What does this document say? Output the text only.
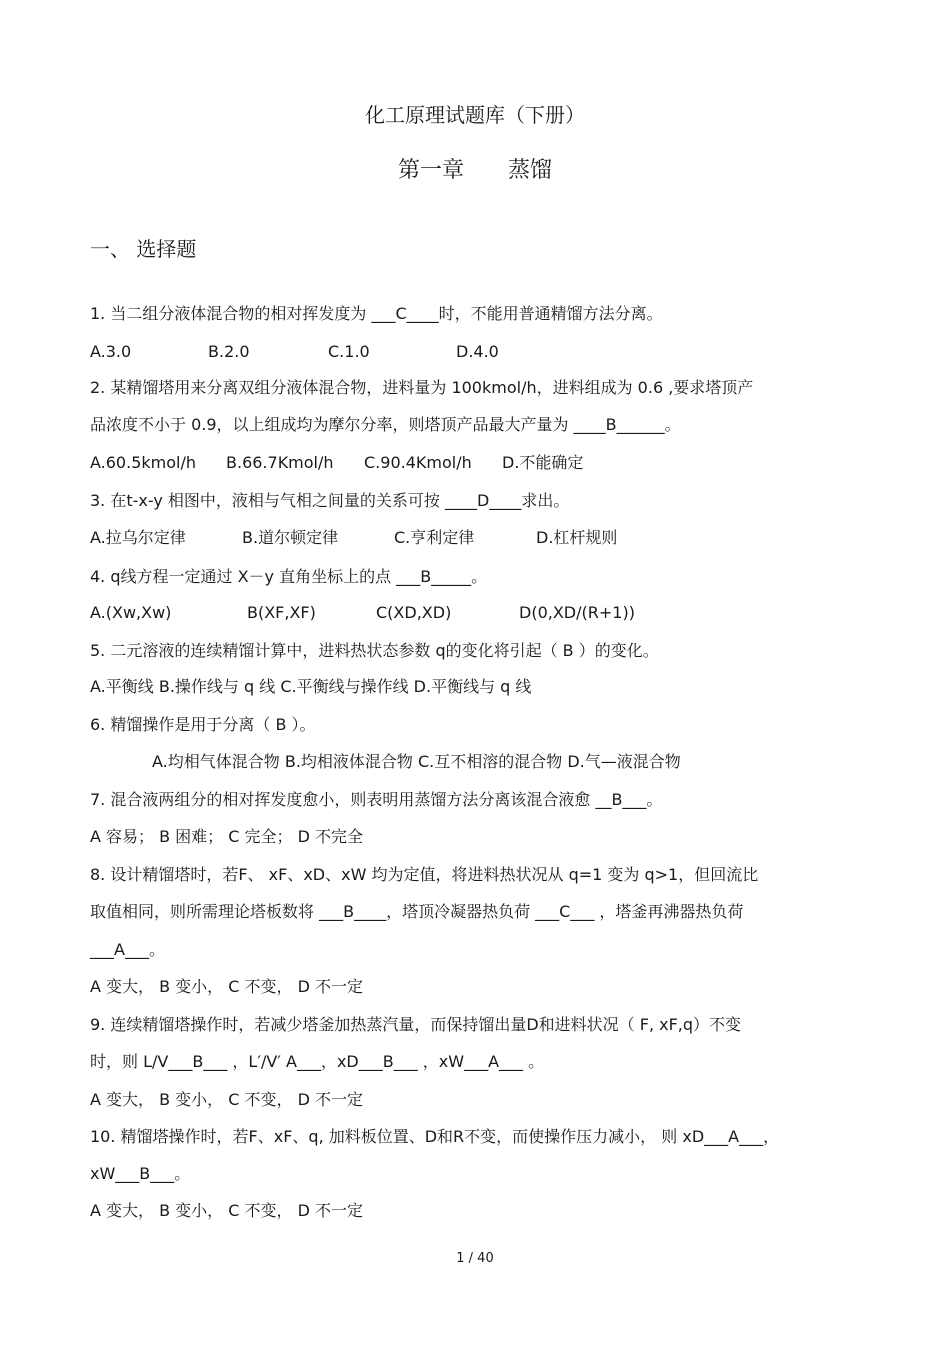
化工原理试题库（下册）
第一章　　蒸馏
一、 选择题
1. 当二组分液体混合物的相对挥发度为 ___C____时，不能用普通精馏方法分离。
A.3.0	B.2.0	C.1.0	D.4.0
2. 某精馏塔用来分离双组分液体混合物，进料量为 100kmol/h，进料组成为 0.6 ,要求塔顶产
品浓度不小于 0.9，以上组成均为摩尔分率，则塔顶产品最大产量为 ____B______。
A.60.5kmol/h	B.66.7Kmol/h	C.90.4Kmol/h	D.不能确定
3. 在t-x-y 相图中，液相与气相之间量的关系可按 ____D____求出。
A.拉乌尔定律	B.道尔顿定律	C.亨利定律	D.杠杆规则
4. q线方程一定通过 X－y 直角坐标上的点 ___B_____。
A.(Xw,Xw)	B(XF,XF)	C(XD,XD)	D(0,XD/(R+1))
5. 二元溶液的连续精馏计算中，进料热状态参数 q的变化将引起（ B ）的变化。
A.平衡线 B.操作线与 q 线 C.平衡线与操作线 D.平衡线与 q 线
6. 精馏操作是用于分离（ B ）。
A.均相气体混合物 B.均相液体混合物 C.互不相溶的混合物 D.气—液混合物
7. 混合液两组分的相对挥发度愈小，则表明用蒸馏方法分离该混合液愈 __B___。
A 容易； B 困难； C 完全； D 不完全
8. 设计精馏塔时，若F、 xF、xD、xW 均为定值，将进料热状况从 q=1 变为 q>1，但回流比
取值相同，则所需理论塔板数将 ___B____，塔顶冷凝器热负荷 ___C___ ，塔釜再沸器热负荷
___A___。
A 变大， B 变小， C 不变， D 不一定
9. 连续精馏塔操作时，若减少塔釜加热蒸汽量，而保持馏出量D和进料状况（ F, xF,q）不变
时，则 L/V___B___ ，L′/V′ A___，xD___B___ ，xW___A___ 。
A 变大， B 变小， C 不变， D 不一定
10. 精馏塔操作时，若F、xF、q, 加料板位置、D和R不变，而使操作压力减小， 则 xD___A___，
xW___B___。
A 变大， B 变小， C 不变， D 不一定
1 / 40
